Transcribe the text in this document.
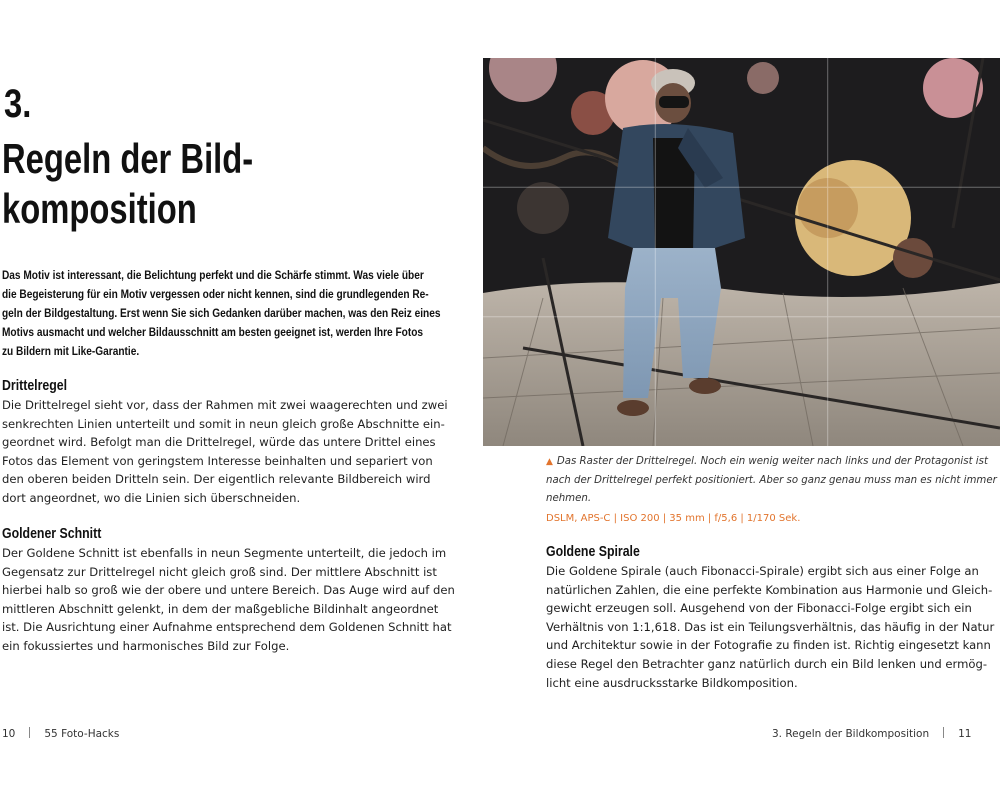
3.
Regeln der Bild-
komposition

Das Motiv ist interessant, die Belichtung perfekt und die Schärfe stimmt. Was viele über
die Begeisterung für ein Motiv vergessen oder nicht kennen, sind die grundlegenden Re-
geln der Bildgestaltung. Erst wenn Sie sich Gedanken darüber machen, was den Reiz eines
Motivs ausmacht und welcher Bildausschnitt am besten geeignet ist, werden Ihre Fotos
zu Bildern mit Like-Garantie.

Drittelregel

Die Drittelregel sieht vor, dass der Rahmen mit zwei waagerechten und zwei
senkrechten Linien unterteilt und somit in neun gleich große Abschnitte ein-
geordnet wird. Befolgt man die Drittelregel, würde das untere Drittel eines
Fotos das Element von geringstem Interesse beinhalten und separiert von
den oberen beiden Dritteln sein. Der eigentlich relevante Bildbereich wird
dort angeordnet, wo die Linien sich überschneiden.

Goldener Schnitt

Der Goldene Schnitt ist ebenfalls in neun Segmente unterteilt, die jedoch im
Gegensatz zur Drittelregel nicht gleich groß sind. Der mittlere Abschnitt ist
hierbei halb so groß wie der obere und untere Bereich. Das Auge wird auf den
mittleren Abschnitt gelenkt, in dem der maßgebliche Bildinhalt angeordnet
ist. Die Ausrichtung einer Aufnahme entsprechend dem Goldenen Schnitt hat
ein fokussiertes und harmonisches Bild zur Folge.

10	55 Foto-Hacks

▲ Das Raster der Drittelregel. Noch ein wenig weiter nach links und der Protagonist ist
nach der Drittelregel perfekt positioniert. Aber so ganz genau muss man es nicht immer
nehmen.

DSLM, APS-C | ISO 200 | 35 mm | f/5,6 | 1/170 Sek.

Goldene Spirale

Die Goldene Spirale (auch Fibonacci-Spirale) ergibt sich aus einer Folge an
natürlichen Zahlen, die eine perfekte Kombination aus Harmonie und Gleich-
gewicht erzeugen soll. Ausgehend von der Fibonacci-Folge ergibt sich ein
Verhältnis von 1:1,618. Das ist ein Teilungsverhältnis, das häufig in der Natur
und Architektur sowie in der Fotografie zu finden ist. Richtig eingesetzt kann
diese Regel den Betrachter ganz natürlich durch ein Bild lenken und ermög-
licht eine ausdrucksstarke Bildkomposition.

3. Regeln der Bildkomposition	11
